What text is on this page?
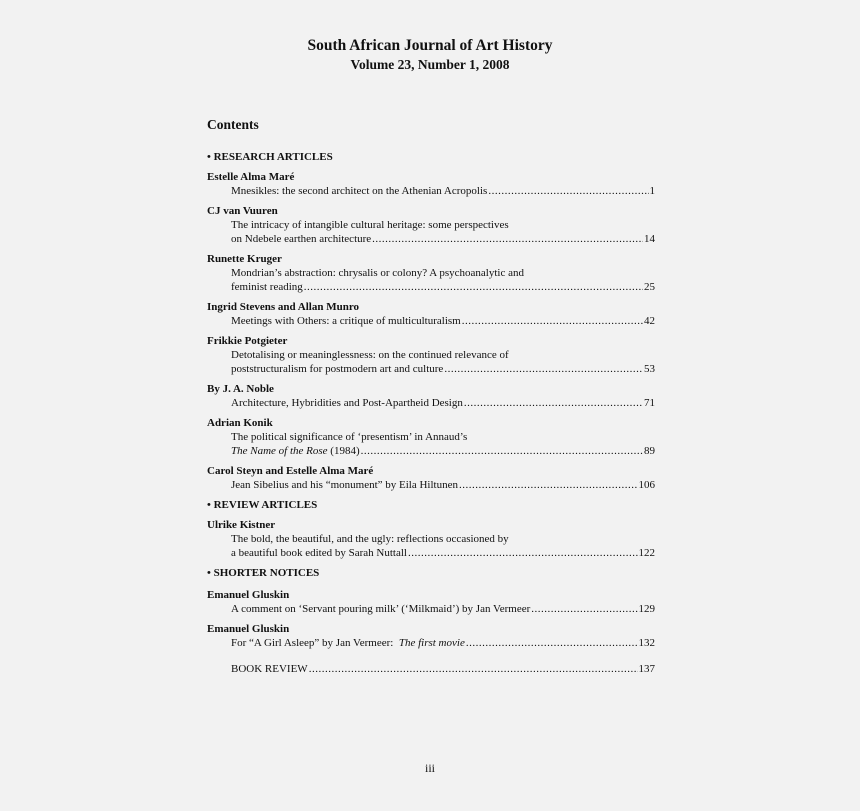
South African Journal of Art History
Volume 23, Number 1, 2008
Contents
• RESEARCH ARTICLES
Estelle Alma Maré
Mnesikles: the second architect on the Athenian Acropolis .....	1
CJ van Vuuren
The intricacy of intangible cultural heritage: some perspectives
on Ndebele earthen architecture .....	14
Runette Kruger
Mondrian’s abstraction: chrysalis or colony? A psychoanalytic and
feminist reading .....	25
Ingrid Stevens and Allan Munro
Meetings with Others: a critique of multiculturalism .....	42
Frikkie Potgieter
Detotalising or meaninglessness: on the continued relevance of
poststructuralism for postmodern art and culture .....	53
By J. A. Noble
Architecture, Hybridities and Post-Apartheid Design .....	71
Adrian Konik
The political significance of ‘presentism’ in Annaud’s
The Name of the Rose (1984) .....	89
Carol Steyn and Estelle Alma Maré
Jean Sibelius and his “monument” by Eila Hiltunen .....	106
• REVIEW ARTICLES
Ulrike Kistner
The bold, the beautiful, and the ugly: reflections occasioned by
a beautiful book edited by Sarah Nuttall .....	122
• SHORTER NOTICES
Emanuel Gluskin
A comment on ‘Servant pouring milk’ (‘Milkmaid’) by Jan Vermeer .....	129
Emanuel Gluskin
For “A Girl Asleep” by Jan Vermeer:  The first movie .....	132
BOOK REVIEW .....	137
iii
